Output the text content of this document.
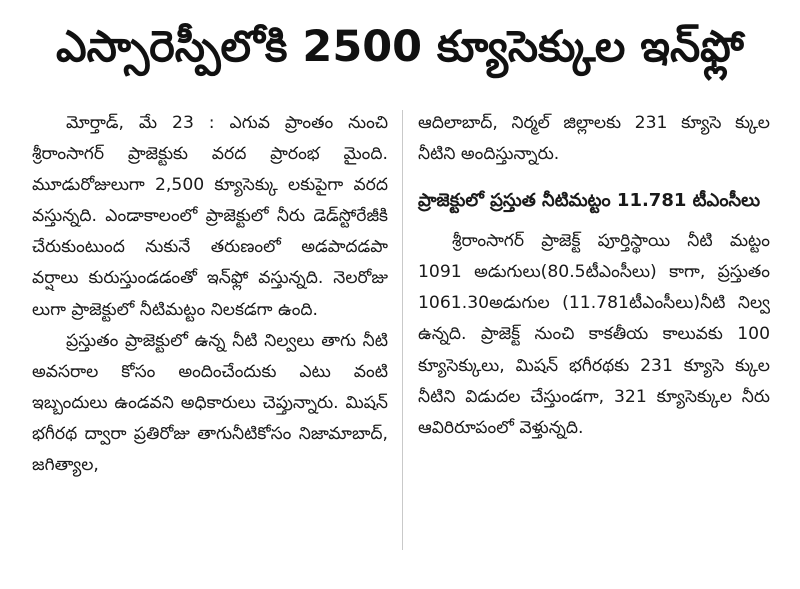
ఎస్సారెస్పీలోకి 2500 క్యూసెక్కుల ఇన్‌ఫ్లో

మోర్తాడ్, మే 23 : ఎగువ ప్రాంతం నుంచి శ్రీరాంసాగర్ ప్రాజెక్టుకు వరద ప్రారంభ మైంది. మూడురోజులుగా 2,500 క్యూసెక్కు లకుపైగా వరద వస్తున్నది. ఎండాకాలంలో ప్రాజెక్టులో నీరు డెడ్‌స్టోరేజీకి చేరుకుంటుంద నుకునే తరుణంలో అడపాదడపా వర్షాలు కురుస్తుండడంతో ఇన్‌ఫ్లో వస్తున్నది. నెలరోజు లుగా ప్రాజెక్టులో నీటిమట్టం నిలకడగా ఉంది.

ప్రస్తుతం ప్రాజెక్టులో ఉన్న నీటి నిల్వలు తాగు నీటి అవసరాల కోసం అందించేందుకు ఎటు వంటి ఇబ్బందులు ఉండవని అధికారులు చెప్తున్నారు. మిషన్ భగీరథ ద్వారా ప్రతిరోజు తాగునీటికోసం నిజామాబాద్, జగిత్యాల,

ఆదిలాబాద్, నిర్మల్ జిల్లాలకు 231 క్యూసె క్కుల నీటిని అందిస్తున్నారు.

ప్రాజెక్టులో ప్రస్తుత నీటిమట్టం 11.781 టీఎంసీలు

శ్రీరాంసాగర్ ప్రాజెక్ట్ పూర్తిస్థాయి నీటి మట్టం 1091 అడుగులు(80.5టీఎంసీలు) కాగా, ప్రస్తుతం 1061.30అడుగుల (11.781టీఎంసీలు)నీటి నిల్వ ఉన్నది. ప్రాజెక్ట్ నుంచి కాకతీయ కాలువకు 100 క్యూసెక్కులు, మిషన్ భగీరథకు 231 క్యూసె క్కుల నీటిని విడుదల చేస్తుండగా, 321 క్యూసెక్కుల నీరు ఆవిరిరూపంలో వెళ్తున్నది.
